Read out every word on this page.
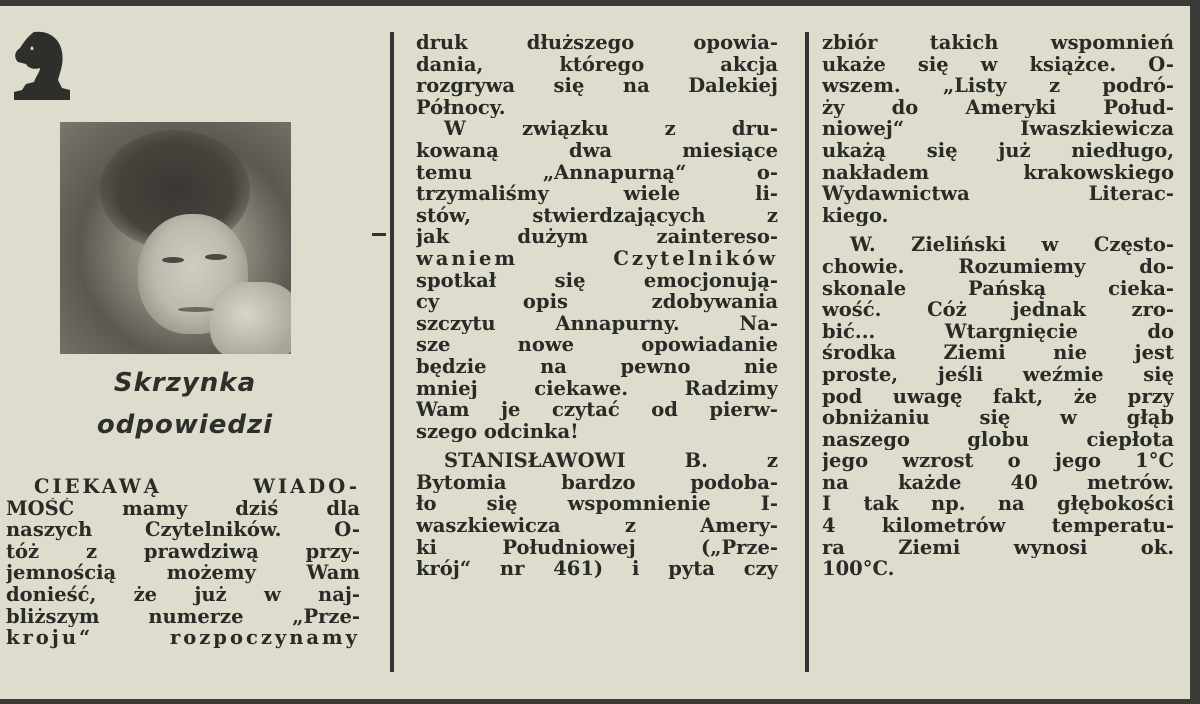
Skrzynka
odpowiedzi
CIEKAWĄ WIADO-
MOŚĆ mamy dziś dla
naszych Czytelników. O-
tóż z prawdziwą przy-
jemnością możemy Wam
donieść, że już w naj-
bliższym numerze „Prze-
kroju“ rozpoczynamy
druk dłuższego opowia-
dania, którego akcja
rozgrywa się na Dalekiej
Północy.
W związku z dru-
kowaną dwa miesiące
temu „Annapurną“ o-
trzymaliśmy wiele li-
stów, stwierdzających z
jak dużym zaintereso-
waniem Czytelników
spotkał się emocjonują-
cy opis zdobywania
szczytu Annapurny. Na-
sze nowe opowiadanie
będzie na pewno nie
mniej ciekawe. Radzimy
Wam je czytać od pierw-
szego odcinka!
STANISŁAWOWI B. z
Bytomia bardzo podoba-
ło się wspomnienie I-
waszkiewicza z Amery-
ki Południowej („Prze-
krój“ nr 461) i pyta czy
zbiór takich wspomnień
ukaże się w książce. O-
wszem. „Listy z podró-
ży do Ameryki Połud-
niowej“ Iwaszkiewicza
ukażą się już niedługo,
nakładem krakowskiego
Wydawnictwa Literac-
kiego.
W. Zieliński w Często-
chowie. Rozumiemy do-
skonale Pańską cieka-
wość. Cóż jednak zro-
bić... Wtargnięcie do
środka Ziemi nie jest
proste, jeśli weźmie się
pod uwagę fakt, że przy
obniżaniu się w głąb
naszego globu ciepłota
jego wzrost o jego 1°C
na każde 40 metrów.
I tak np. na głębokości
4 kilometrów temperatu-
ra Ziemi wynosi ok.
100°C.
